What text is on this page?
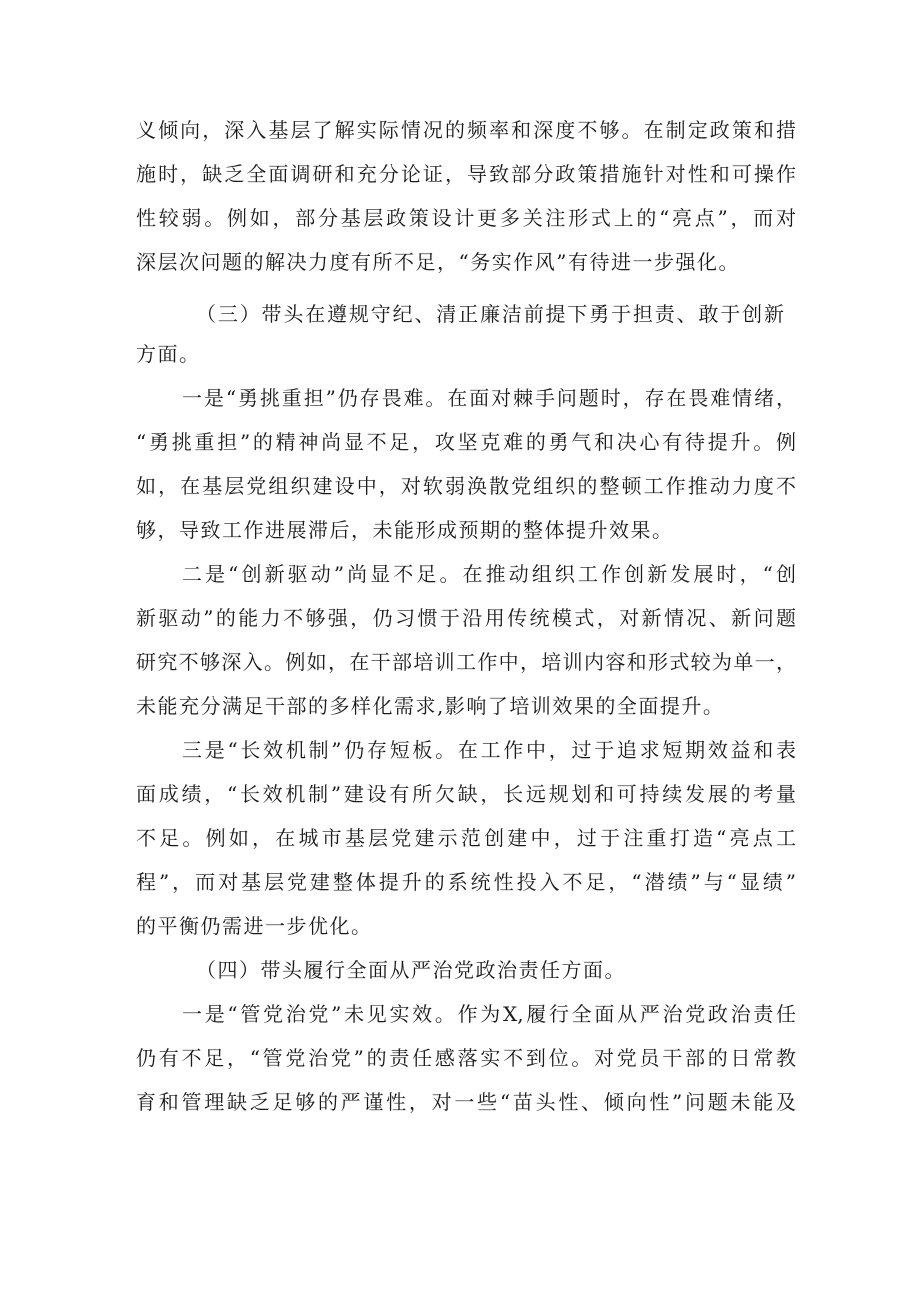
义倾向，深入基层了解实际情况的频率和深度不够。在制定政策和措
施时，缺乏全面调研和充分论证，导致部分政策措施针对性和可操作
性较弱。例如，部分基层政策设计更多关注形式上的“亮点”，而对
深层次问题的解决力度有所不足，“务实作风”有待进一步强化。
（三）带头在遵规守纪、清正廉洁前提下勇于担责、敢于创新
方面。
一是“勇挑重担”仍存畏难。在面对棘手问题时，存在畏难情绪，
“勇挑重担”的精神尚显不足，攻坚克难的勇气和决心有待提升。例
如，在基层党组织建设中，对软弱涣散党组织的整顿工作推动力度不
够，导致工作进展滞后，未能形成预期的整体提升效果。
二是“创新驱动”尚显不足。在推动组织工作创新发展时，“创
新驱动”的能力不够强，仍习惯于沿用传统模式，对新情况、新问题
研究不够深入。例如，在干部培训工作中，培训内容和形式较为单一，
未能充分满足干部的多样化需求,影响了培训效果的全面提升。
三是“长效机制”仍存短板。在工作中，过于追求短期效益和表
面成绩，“长效机制”建设有所欠缺，长远规划和可持续发展的考量
不足。例如，在城市基层党建示范创建中，过于注重打造“亮点工
程”，而对基层党建整体提升的系统性投入不足，“潜绩”与“显绩”
的平衡仍需进一步优化。
（四）带头履行全面从严治党政治责任方面。
一是“管党治党”未见实效。作为X,履行全面从严治党政治责任
仍有不足，“管党治党”的责任感落实不到位。对党员干部的日常教
育和管理缺乏足够的严谨性，对一些“苗头性、倾向性”问题未能及
